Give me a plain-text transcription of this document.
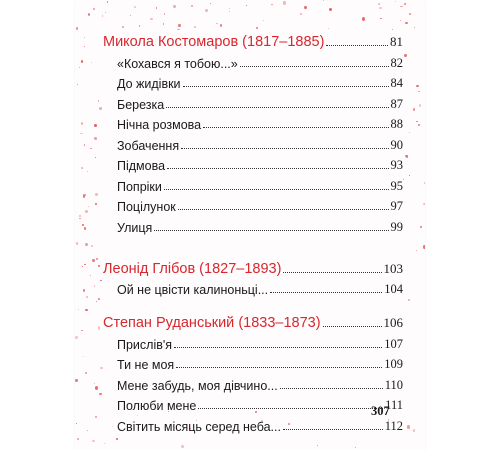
Микола Костомаров (1817–1885)	81
«Кохався я тобою...»	82
До жидівки	84
Березка	87
Нічна розмова	88
Зобачення	90
Підмова	93
Попріки	95
Поцілунок	97
Улиця	99
Леонід Глібов (1827–1893)	103
Ой не цвісти калиноньці...	104
Степан Руданський (1833–1873)	106
Прислів'я	107
Ти не моя	109
Мене забудь, моя дівчино...	110
Полюби мене	111
Світить місяць серед неба...	112
307
